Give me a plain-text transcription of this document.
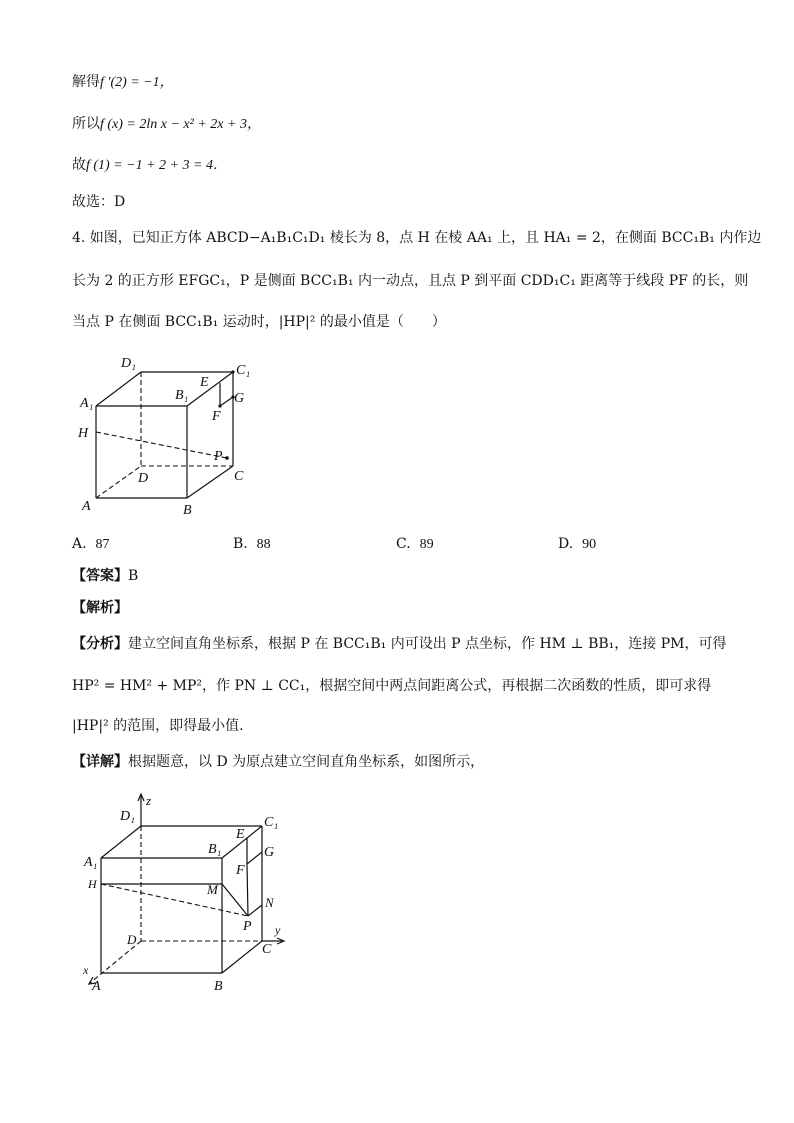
解得f ′(2) = −1，
所以f (x) = 2ln x − x² + 2x + 3，
故f (1) = −1 + 2 + 3 = 4．
故选：D
4. 如图，已知正方体 ABCD−A₁B₁C₁D₁ 棱长为 8，点 H 在棱 AA₁ 上，且 HA₁ = 2，在侧面 BCC₁B₁ 内作边
长为 2 的正方形 EFGC₁，P 是侧面 BCC₁B₁ 内一动点，且点 P 到平面 CDD₁C₁ 距离等于线段 PF 的长，则
当点 P 在侧面 BCC₁B₁ 运动时，|HP|² 的最小值是（　　）
D₁	C₁
E
B₁
A₁	G
F
H
P
D	C
A	B
A. 87	B. 88	C. 89	D. 90
【答案】B
【解析】
【分析】建立空间直角坐标系，根据 P 在 BCC₁B₁ 内可设出 P 点坐标，作 HM ⊥ BB₁，连接 PM，可得
HP² = HM² + MP²，作 PN ⊥ CC₁，根据空间中两点间距离公式，再根据二次函数的性质，即可求得
|HP|² 的范围，即得最小值.
【详解】根据题意，以 D 为原点建立空间直角坐标系，如图所示，
z
D₁	C₁
E
A₁
B₁	G
F
H	M
N
P
D
y
C
x
A	B
